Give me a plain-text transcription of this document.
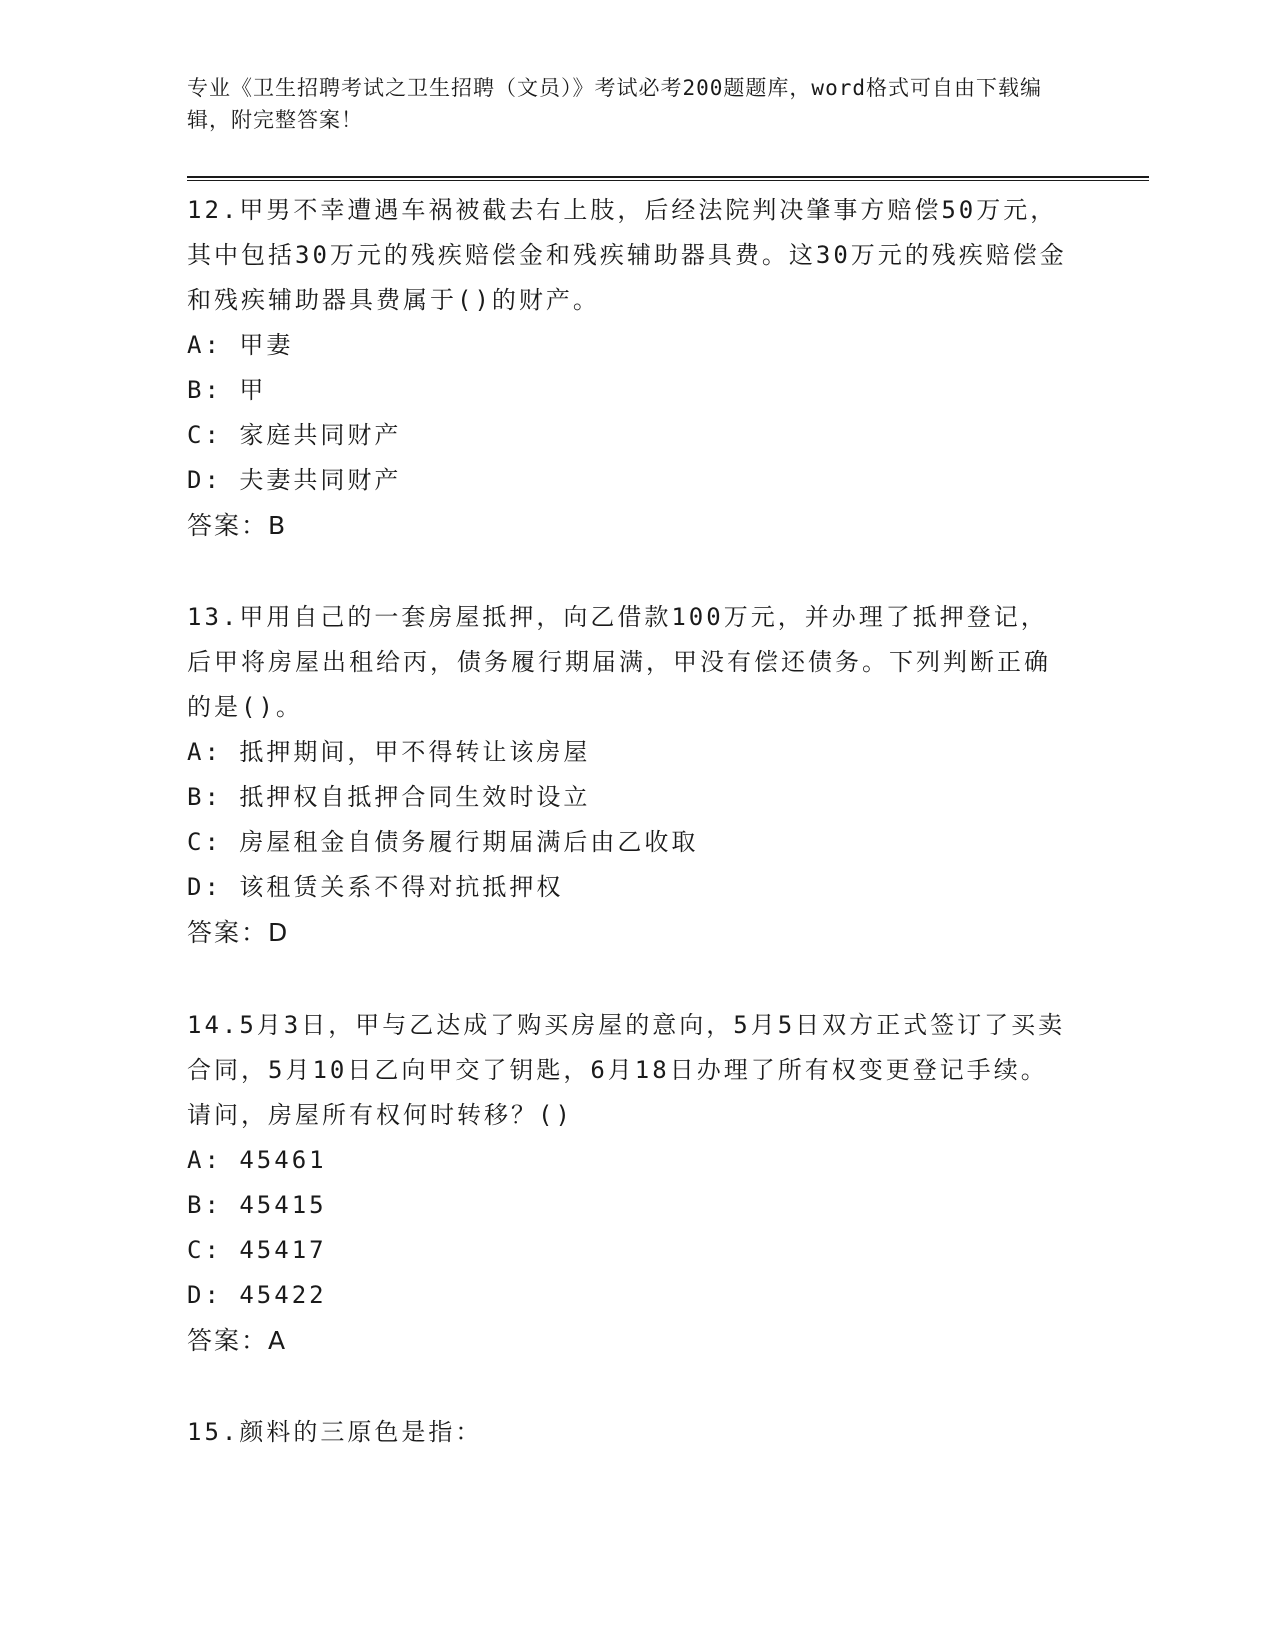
专业《卫生招聘考试之卫生招聘（文员）》考试必考200题题库，word格式可自由下载编辑，附完整答案！

12.甲男不幸遭遇车祸被截去右上肢，后经法院判决肇事方赔偿50万元，其中包括30万元的残疾赔偿金和残疾辅助器具费。这30万元的残疾赔偿金和残疾辅助器具费属于()的财产。

A: 甲妻

B: 甲

C: 家庭共同财产

D: 夫妻共同财产

答案：B

13.甲用自己的一套房屋抵押，向乙借款100万元，并办理了抵押登记，后甲将房屋出租给丙，债务履行期届满，甲没有偿还债务。下列判断正确的是()。

A: 抵押期间，甲不得转让该房屋

B: 抵押权自抵押合同生效时设立

C: 房屋租金自债务履行期届满后由乙收取

D: 该租赁关系不得对抗抵押权

答案：D

14.5月3日，甲与乙达成了购买房屋的意向，5月5日双方正式签订了买卖合同，5月10日乙向甲交了钥匙，6月18日办理了所有权变更登记手续。请问，房屋所有权何时转移？()

A: 45461

B: 45415

C: 45417

D: 45422

答案：A

15.颜料的三原色是指：
